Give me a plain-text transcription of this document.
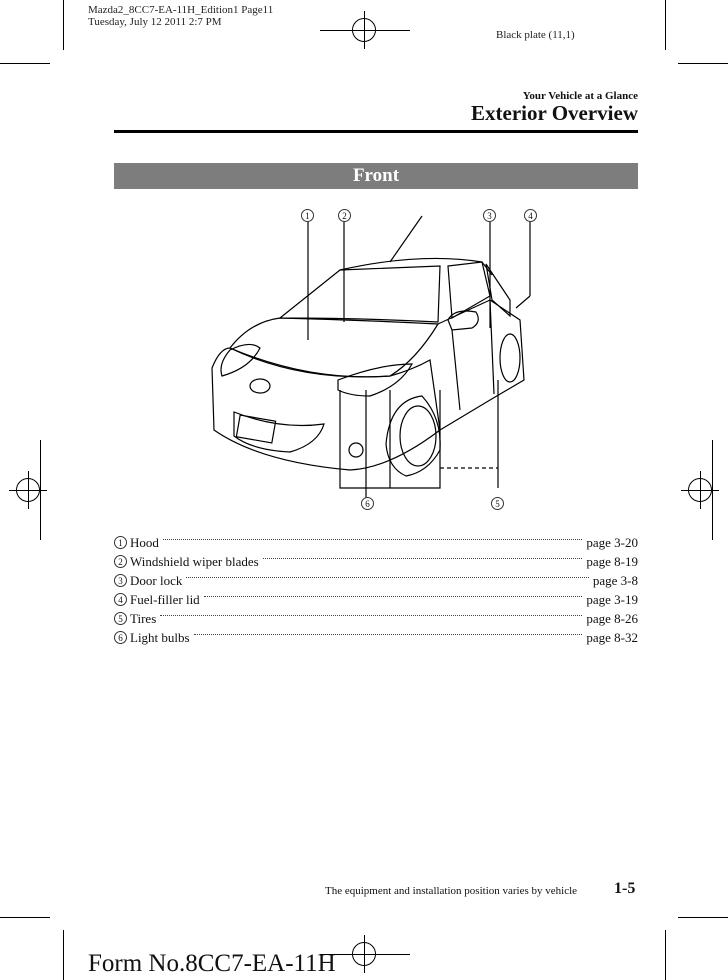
Mazda2_8CC7-EA-11H_Edition1 Page11
Tuesday, July 12 2011 2:7 PM
Black plate (11,1)
Your Vehicle at a Glance
Exterior Overview
Front
1	2	3	4
5
6
1 Hood	page 3-20
2 Windshield wiper blades	page 8-19
3 Door lock	page 3-8
4 Fuel-filler lid	page 3-19
5 Tires	page 8-26
6 Light bulbs	page 8-32
The equipment and installation position varies by vehicle 1-5
Form No.8CC7-EA-11H
